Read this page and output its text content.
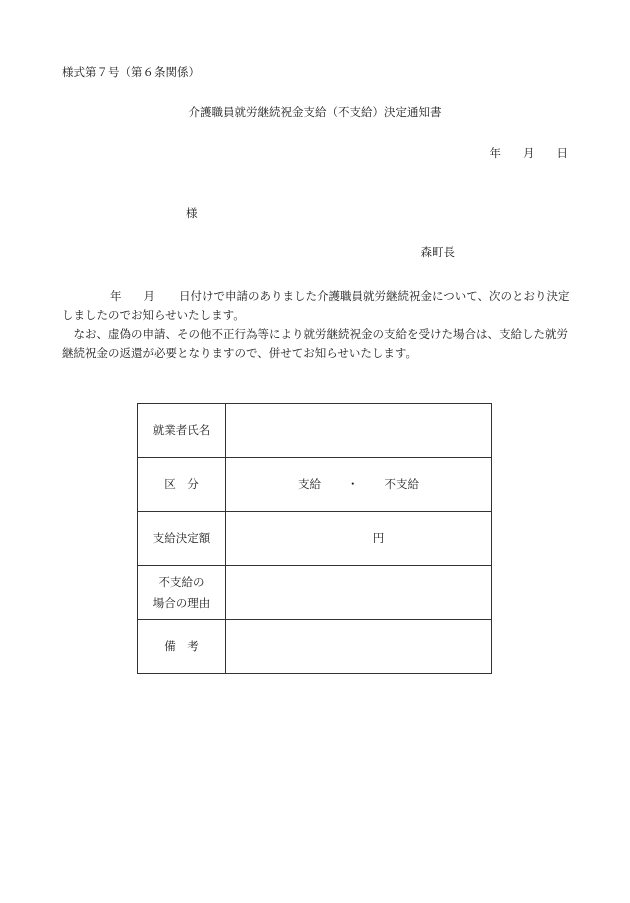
様式第７号（第６条関係）
介護職員就労継続祝金支給（不支給）決定通知書
年 月 日
様
森町長

年 月 日付けで申請のありました介護職員就労継続祝金について、次のとおり決定しましたのでお知らせいたします。

　なお、虚偽の申請、その他不正行為等により就労継続祝金の支給を受けた場合は、支給した就労継続祝金の返還が必要となりますので、併せてお知らせいたします。

就業者氏名	
区　分	支給 ・ 不支給
支給決定額	円
不支給の
場合の理由	
備　考	
